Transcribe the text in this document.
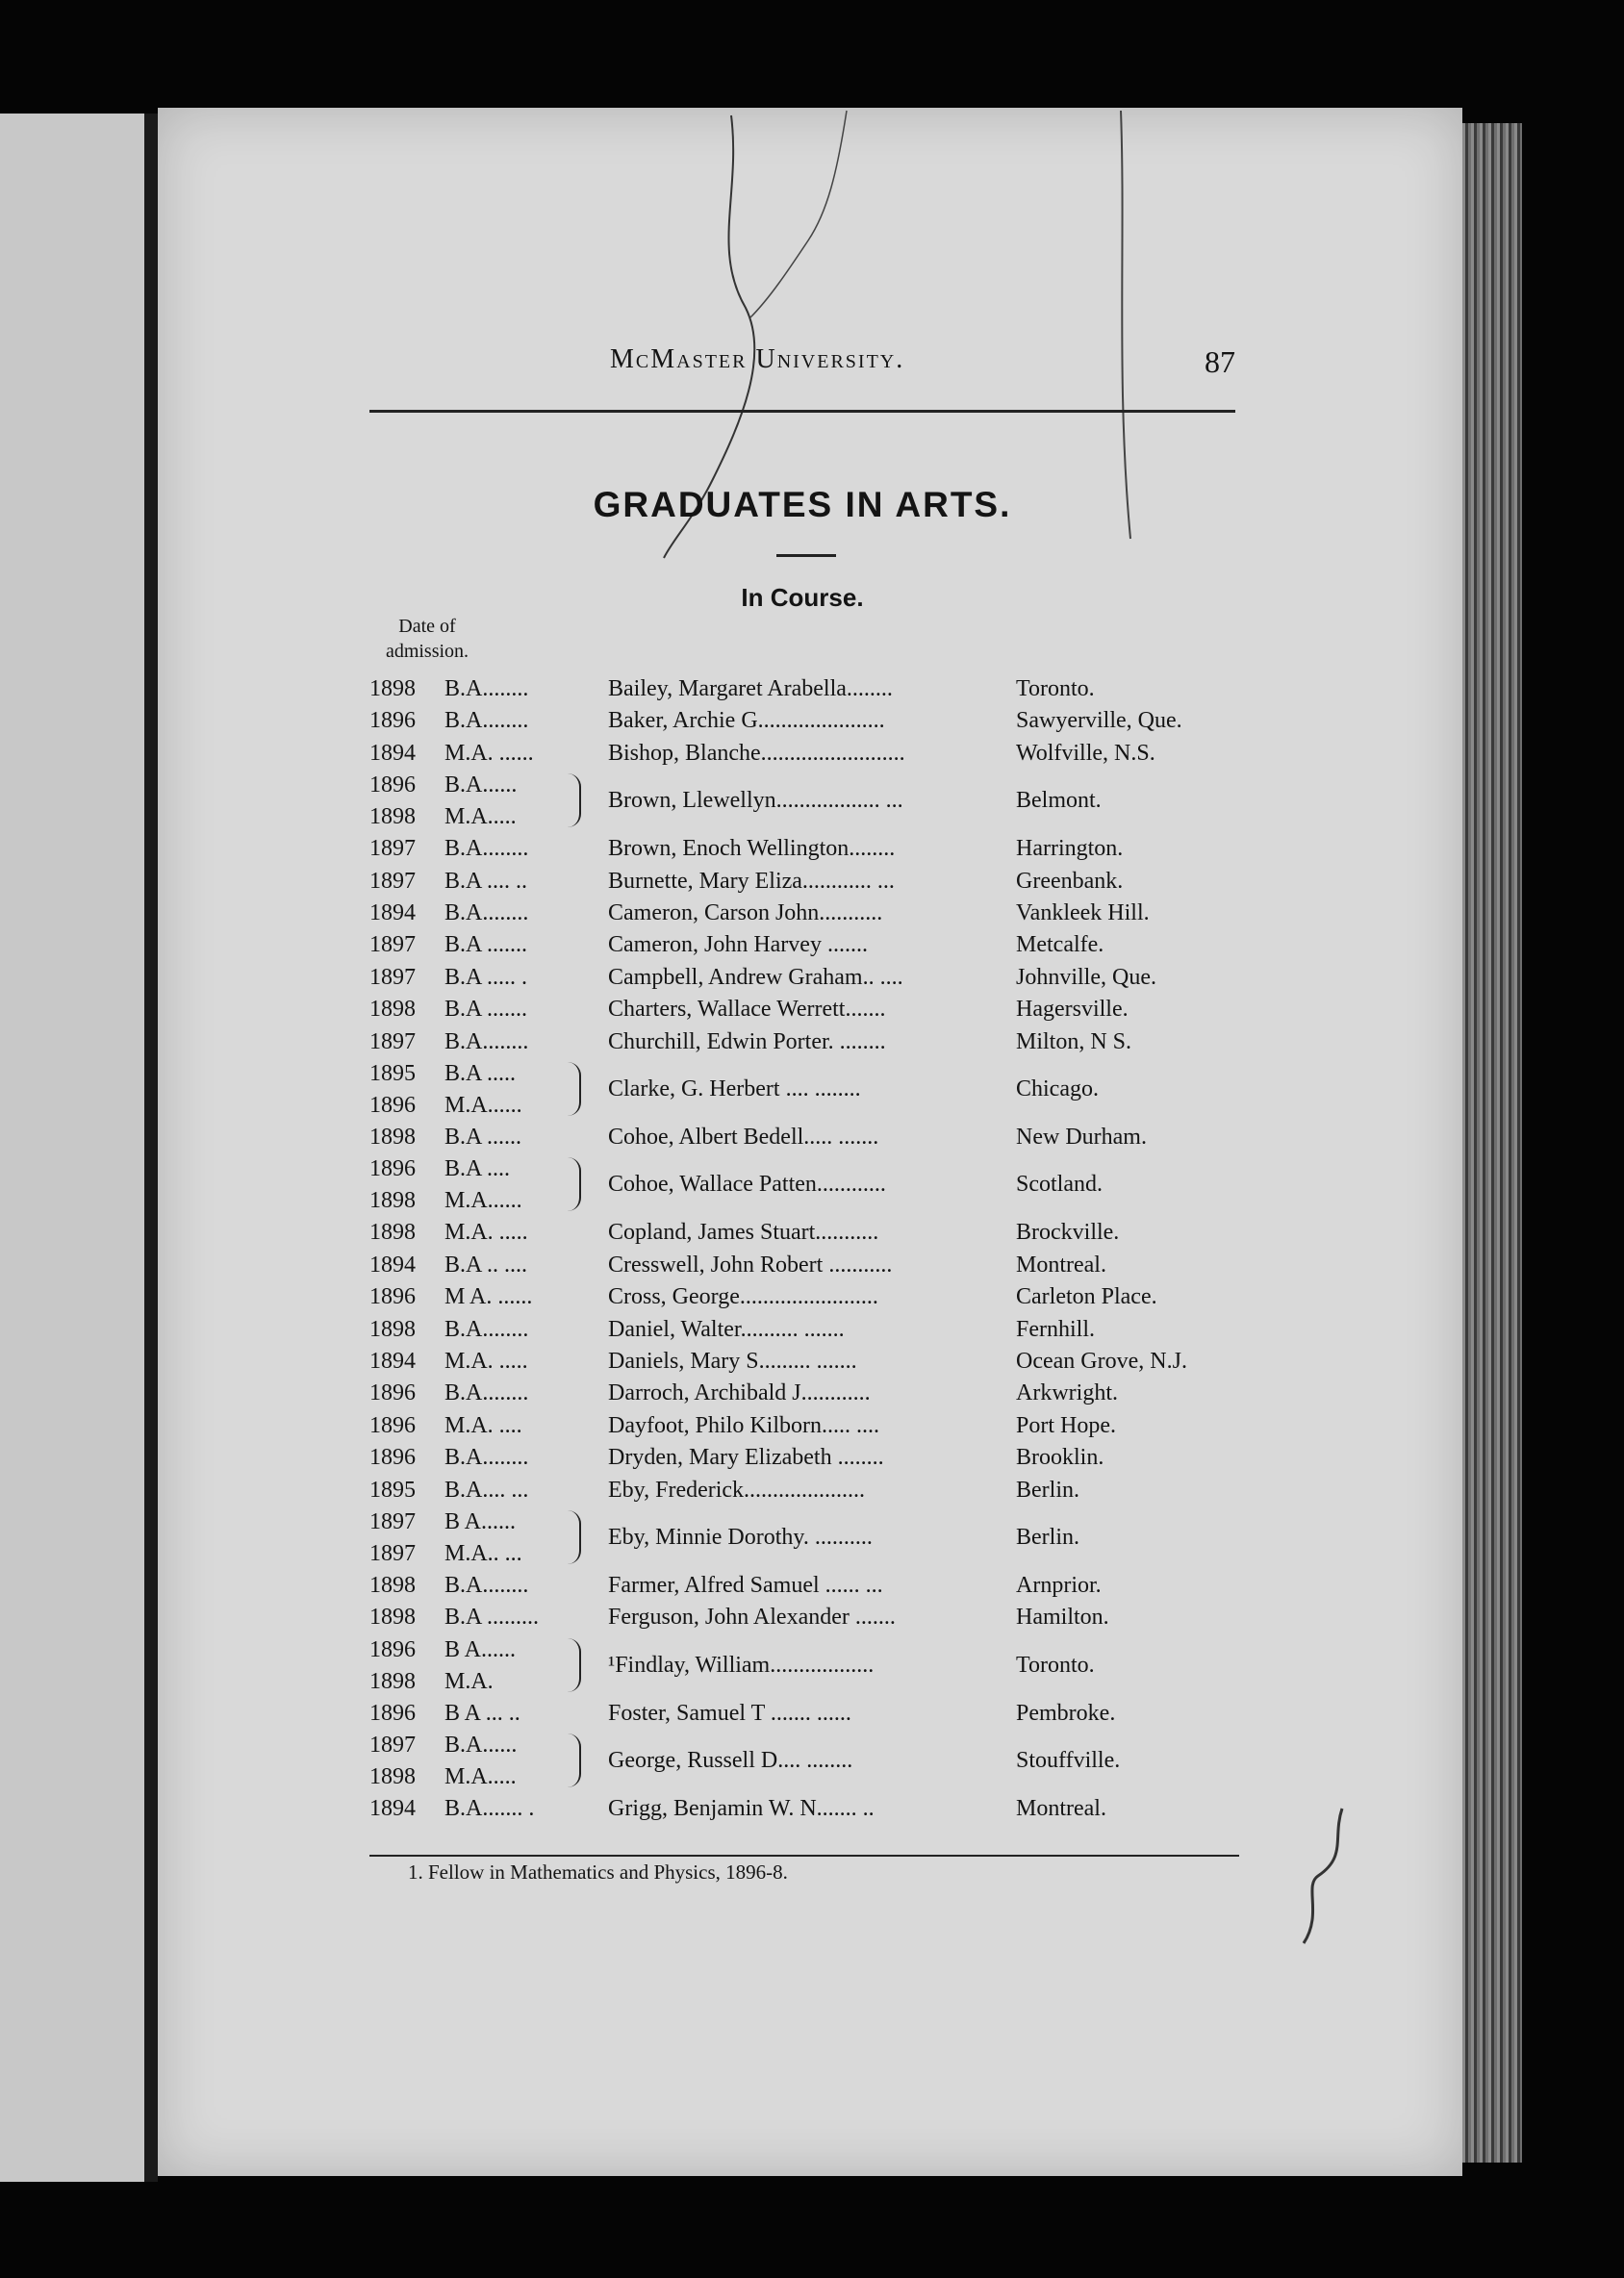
McMaster University.	87
GRADUATES IN ARTS.
In Course.
Date of
admission.
1898	B.A........	Bailey, Margaret Arabella........	Toronto.
1896	B.A........	Baker, Archie G......................	Sawyerville, Que.
1894	M.A. ......	Bishop, Blanche.........................	Wolfville, N.S.
1896	B.A......
1898	M.A.....
Brown, Llewellyn.................. ...	Belmont.
1897	B.A........	Brown, Enoch Wellington........	Harrington.
1897	B.A .... ..	Burnette, Mary Eliza............ ...	Greenbank.
1894	B.A........	Cameron, Carson John...........	Vankleek Hill.
1897	B.A .......	Cameron, John Harvey .......	Metcalfe.
1897	B.A ..... .	Campbell, Andrew Graham.. ....	Johnville, Que.
1898	B.A .......	Charters, Wallace Werrett.......	Hagersville.
1897	B.A........	Churchill, Edwin Porter. ........	Milton, N S.
1895	B.A .....
1896	M.A......
Clarke, G. Herbert .... ........	Chicago.
1898	B.A ......	Cohoe, Albert Bedell..... .......	New Durham.
1896	B.A ....
1898	M.A......
Cohoe, Wallace Patten............	Scotland.
1898	M.A. .....	Copland, James Stuart...........	Brockville.
1894	B.A .. ....	Cresswell, John Robert ...........	Montreal.
1896	M A. ......	Cross, George........................	Carleton Place.
1898	B.A........	Daniel, Walter.......... .......	Fernhill.
1894	M.A. .....	Daniels, Mary S......... .......	Ocean Grove, N.J.
1896	B.A........	Darroch, Archibald J............	Arkwright.
1896	M.A. ....	Dayfoot, Philo Kilborn..... ....	Port Hope.
1896	B.A........	Dryden, Mary Elizabeth ........	Brooklin.
1895	B.A.... ...	Eby, Frederick.....................	Berlin.
1897	B A......
1897	M.A.. ...
Eby, Minnie Dorothy. ..........	Berlin.
1898	B.A........	Farmer, Alfred Samuel ...... ...	Arnprior.
1898	B.A .........	Ferguson, John Alexander .......	Hamilton.
1896	B A......
1898	M.A.
¹Findlay, William..................	Toronto.
1896	B A ... ..	Foster, Samuel T ....... ......	Pembroke.
1897	B.A......
1898	M.A.....
George, Russell D.... ........	Stouffville.
1894	B.A....... .	Grigg, Benjamin W. N....... ..	Montreal.
1. Fellow in Mathematics and Physics, 1896-8.
